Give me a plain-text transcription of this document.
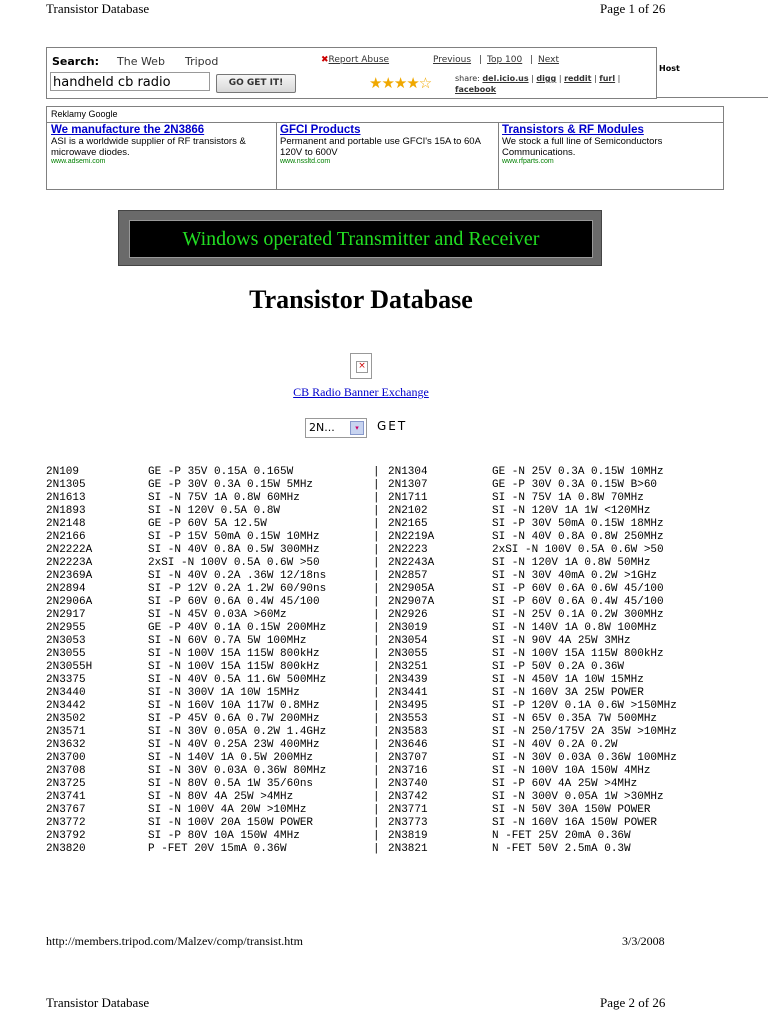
Transistor Database	Page 1 of 26
Search: The Web Tripod
handheld cb radio	GO GET IT!
✖Report Abuse	Previous | Top 100 | Next
★★★★☆	share: del.icio.us | digg | reddit | furl | facebook
Host
Reklamy Google
We manufacture the 2N3866
ASI is a worldwide supplier of RF transistors & microwave diodes.
www.adsemi.com
GFCI Products
Permanent and portable use GFCI's 15A to 60A 120V to 600V
www.nssltd.com
Transistors & RF Modules
We stock a full line of Semiconductors Communications.
www.rfparts.com
Windows operated Transmitter and Receiver
Transistor Database
×
CB Radio Banner Exchange
2N...	▾	GET
2N109	GE -P 35V 0.15A 0.165W	| 2N1304	GE -N 25V 0.3A 0.15W 10MHz
2N1305	GE -P 30V 0.3A 0.15W 5MHz	| 2N1307	GE -P 30V 0.3A 0.15W B>60
2N1613	SI -N 75V 1A 0.8W 60MHz	| 2N1711	SI -N 75V 1A 0.8W 70MHz
2N1893	SI -N 120V 0.5A 0.8W	| 2N2102	SI -N 120V 1A 1W <120MHz
2N2148	GE -P 60V 5A 12.5W	| 2N2165	SI -P 30V 50mA 0.15W 18MHz
2N2166	SI -P 15V 50mA 0.15W 10MHz	| 2N2219A	SI -N 40V 0.8A 0.8W 250MHz
2N2222A	SI -N 40V 0.8A 0.5W 300MHz	| 2N2223	2xSI -N 100V 0.5A 0.6W >50
2N2223A	2xSI -N 100V 0.5A 0.6W >50	| 2N2243A	SI -N 120V 1A 0.8W 50MHz
2N2369A	SI -N 40V 0.2A .36W 12/18ns	| 2N2857	SI -N 30V 40mA 0.2W >1GHz
2N2894	SI -P 12V 0.2A 1.2W 60/90ns	| 2N2905A	SI -P 60V 0.6A 0.6W 45/100
2N2906A	SI -P 60V 0.6A 0.4W 45/100	| 2N2907A	SI -P 60V 0.6A 0.4W 45/100
2N2917	SI -N 45V 0.03A >60Mz	| 2N2926	SI -N 25V 0.1A 0.2W 300MHz
2N2955	GE -P 40V 0.1A 0.15W 200MHz	| 2N3019	SI -N 140V 1A 0.8W 100MHz
2N3053	SI -N 60V 0.7A 5W 100MHz	| 2N3054	SI -N 90V 4A 25W 3MHz
2N3055	SI -N 100V 15A 115W 800kHz	| 2N3055	SI -N 100V 15A 115W 800kHz
2N3055H	SI -N 100V 15A 115W 800kHz	| 2N3251	SI -P 50V 0.2A 0.36W
2N3375	SI -N 40V 0.5A 11.6W 500MHz	| 2N3439	SI -N 450V 1A 10W 15MHz
2N3440	SI -N 300V 1A 10W 15MHz	| 2N3441	SI -N 160V 3A 25W POWER
2N3442	SI -N 160V 10A 117W 0.8MHz	| 2N3495	SI -P 120V 0.1A 0.6W >150MHz
2N3502	SI -P 45V 0.6A 0.7W 200MHz	| 2N3553	SI -N 65V 0.35A 7W 500MHz
2N3571	SI -N 30V 0.05A 0.2W 1.4GHz	| 2N3583	SI -N 250/175V 2A 35W >10MHz
2N3632	SI -N 40V 0.25A 23W 400MHz	| 2N3646	SI -N 40V 0.2A 0.2W
2N3700	SI -N 140V 1A 0.5W 200MHz	| 2N3707	SI -N 30V 0.03A 0.36W 100MHz
2N3708	SI -N 30V 0.03A 0.36W 80MHz	| 2N3716	SI -N 100V 10A 150W 4MHz
2N3725	SI -N 80V 0.5A 1W 35/60ns	| 2N3740	SI -P 60V 4A 25W >4MHz
2N3741	SI -N 80V 4A 25W >4MHz	| 2N3742	SI -N 300V 0.05A 1W >30MHz
2N3767	SI -N 100V 4A 20W >10MHz	| 2N3771	SI -N 50V 30A 150W POWER
2N3772	SI -N 100V 20A 150W POWER	| 2N3773	SI -N 160V 16A 150W POWER
2N3792	SI -P 80V 10A 150W 4MHz	| 2N3819	N -FET 25V 20mA 0.36W
2N3820	P -FET 20V 15mA 0.36W	| 2N3821	N -FET 50V 2.5mA 0.3W
http://members.tripod.com/Malzev/comp/transist.htm	3/3/2008
Transistor Database	Page 2 of 26
